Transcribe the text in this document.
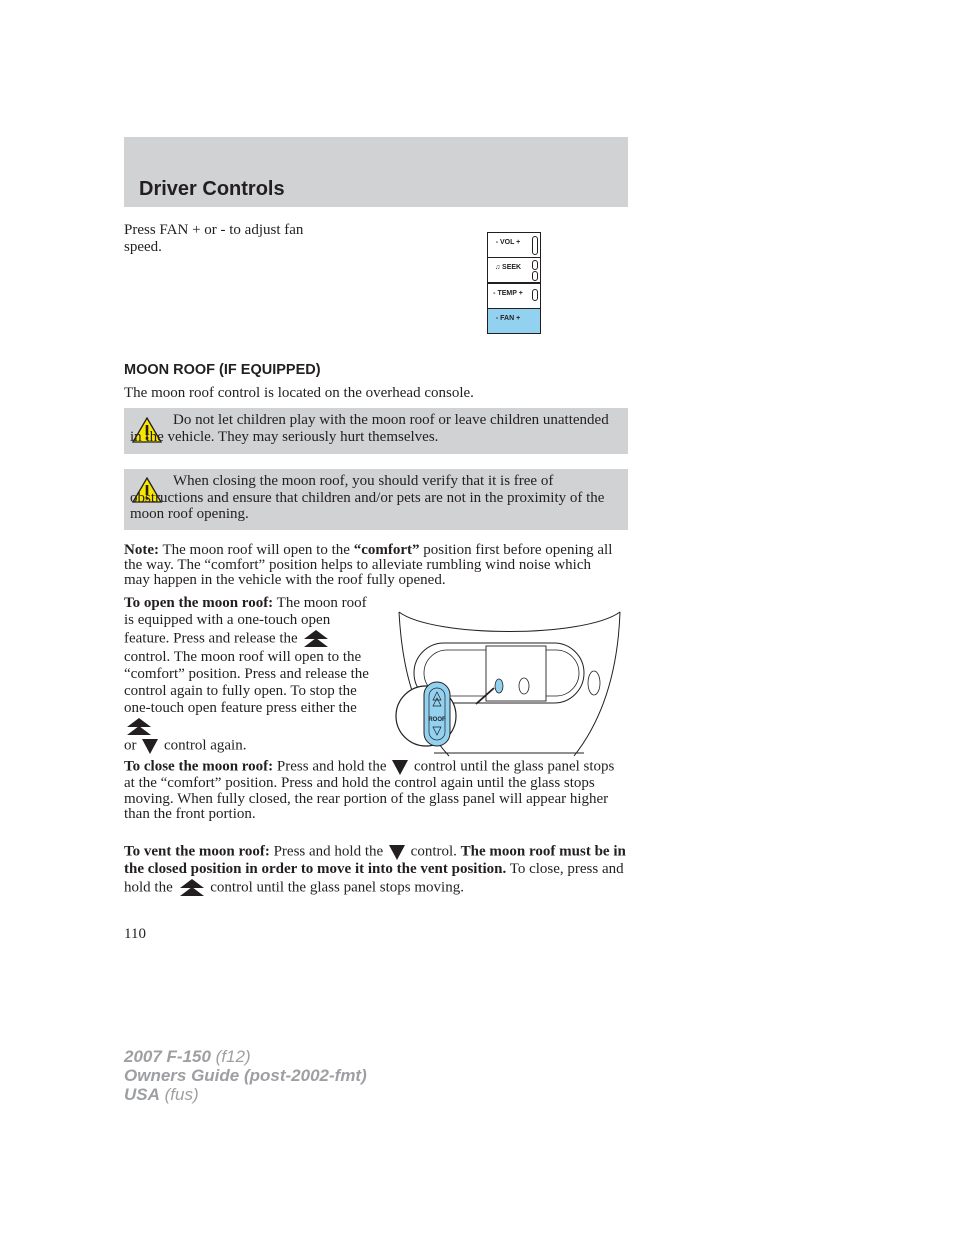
Driver Controls
Press FAN + or - to adjust fan speed.	- VOL +
♫ SEEK
- TEMP +
- FAN +
MOON ROOF (IF EQUIPPED)
The moon roof control is located on the overhead console.
Do not let children play with the moon roof or leave children unattended in the vehicle. They may seriously hurt themselves.
When closing the moon roof, you should verify that it is free of obstructions and ensure that children and/or pets are not in the proximity of the moon roof opening.
Note: The moon roof will open to the “comfort” position first before opening all the way. The “comfort” position helps to alleviate rumbling wind noise which may happen in the vehicle with the roof fully opened.
To open the moon roof: The moon roof is equipped with a one-touch open feature. Press and release the  control. The moon roof will open to the “comfort” position. Press and release the control again to fully open. To stop the one-touch open feature press either the
or  control again.
ROOF
To close the moon roof: Press and hold the  control until the glass panel stops at the “comfort” position. Press and hold the control again until the glass stops moving. When fully closed, the rear portion of the glass panel will appear higher than the front portion.
To vent the moon roof: Press and hold the  control. The moon roof must be in the closed position in order to move it into the vent position. To close, press and hold the  control until the glass panel stops moving.
110
2007 F-150 (f12)
Owners Guide (post-2002-fmt)
USA (fus)
